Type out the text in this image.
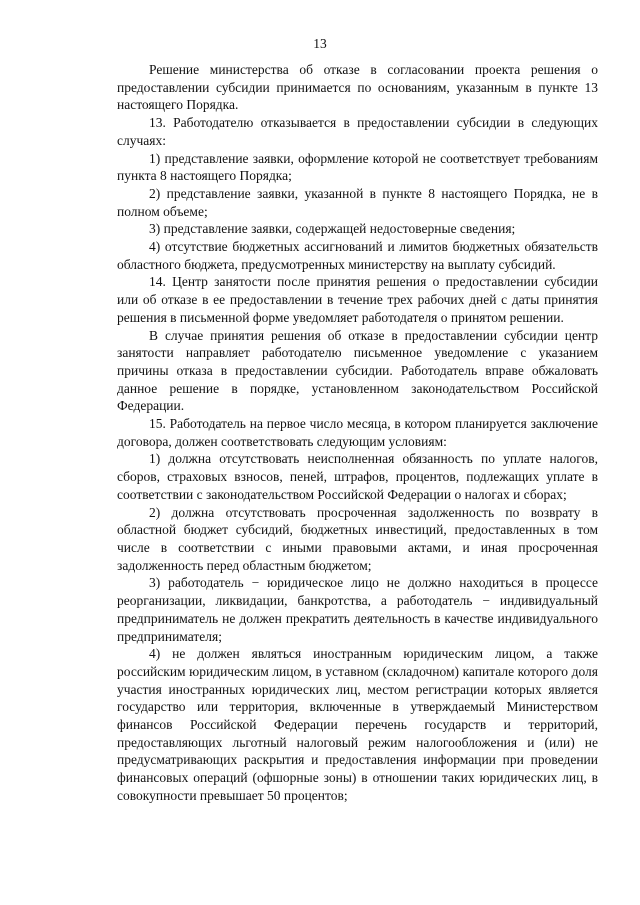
13

Решение министерства об отказе в согласовании проекта решения о предоставлении субсидии принимается по основаниям, указанным в пункте 13 настоящего Порядка.

13. Работодателю отказывается в предоставлении субсидии в следующих случаях:

1) представление заявки, оформление которой не соответствует требованиям пункта 8 настоящего Порядка;

2) представление заявки, указанной в пункте 8 настоящего Порядка, не в полном объеме;

3) представление заявки, содержащей недостоверные сведения;

4) отсутствие бюджетных ассигнований и лимитов бюджетных обязательств областного бюджета, предусмотренных министерству на выплату субсидий.

14. Центр занятости после принятия решения о предоставлении субсидии или об отказе в ее предоставлении в течение трех рабочих дней с даты принятия решения в письменной форме уведомляет работодателя о принятом решении.

В случае принятия решения об отказе в предоставлении субсидии центр занятости направляет работодателю письменное уведомление с указанием причины отказа в предоставлении субсидии. Работодатель вправе обжаловать данное решение в порядке, установленном законодательством Российской Федерации.

15. Работодатель на первое число месяца, в котором планируется заключение договора, должен соответствовать следующим условиям:

1) должна отсутствовать неисполненная обязанность по уплате налогов, сборов, страховых взносов, пеней, штрафов, процентов, подлежащих уплате в соответствии с законодательством Российской Федерации о налогах и сборах;

2) должна отсутствовать просроченная задолженность по возврату в областной бюджет субсидий, бюджетных инвестиций, предоставленных в том числе в соответствии с иными правовыми актами, и иная просроченная задолженность перед областным бюджетом;

3) работодатель − юридическое лицо не должно находиться в процессе реорганизации, ликвидации, банкротства, а работодатель − индивидуальный предприниматель не должен прекратить деятельность в качестве индивидуального предпринимателя;

4) не должен являться иностранным юридическим лицом, а также российским юридическим лицом, в уставном (складочном) капитале которого доля участия иностранных юридических лиц, местом регистрации которых является государство или территория, включенные в утверждаемый Министерством финансов Российской Федерации перечень государств и территорий, предоставляющих льготный налоговый режим налогообложения и (или) не предусматривающих раскрытия и предоставления информации при проведении финансовых операций (офшорные зоны) в отношении таких юридических лиц, в совокупности превышает 50 процентов;
